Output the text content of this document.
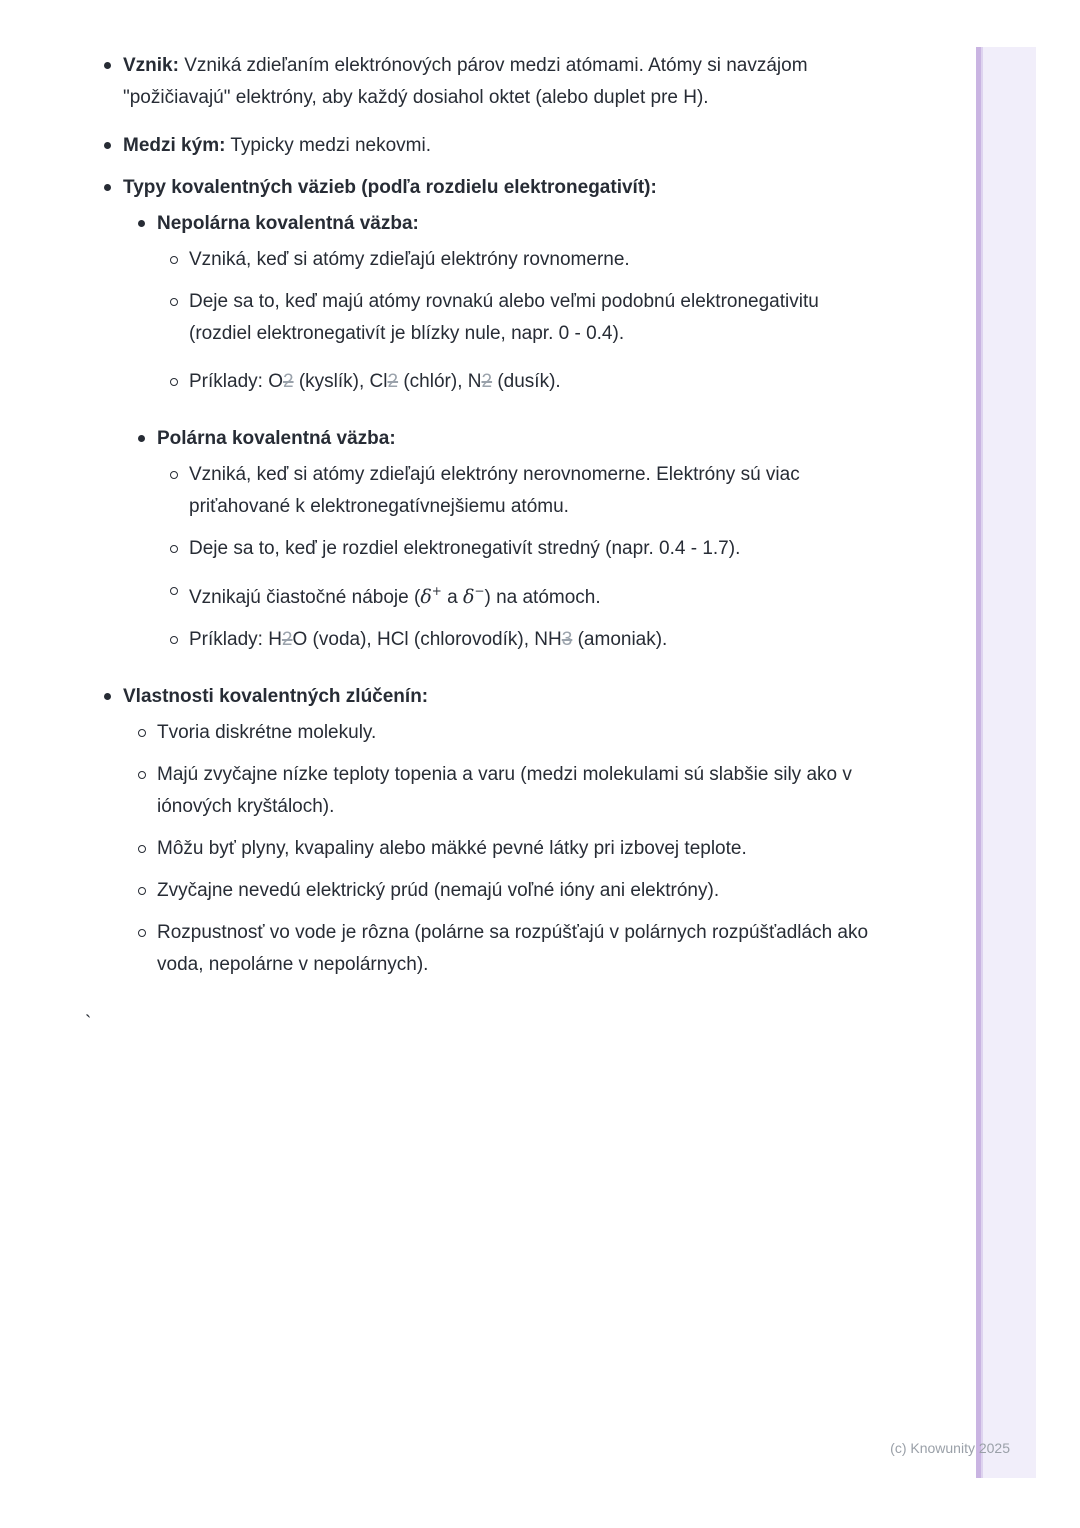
Vznik: Vzniká zdieľaním elektrónových párov medzi atómami. Atómy si navzájom "požičiavajú" elektróny, aby každý dosiahol oktet (alebo duplet pre H).
Medzi kým: Typicky medzi nekovmi.
Typy kovalentných väzieb (podľa rozdielu elektronegativít):
Nepolárna kovalentná väzba:
Vzniká, keď si atómy zdieľajú elektróny rovnomerne.
Deje sa to, keď majú atómy rovnakú alebo veľmi podobnú elektronegativitu (rozdiel elektronegativít je blízky nule, napr. 0 - 0.4).
Príklady: O2 (kyslík), Cl2 (chlór), N2 (dusík).
Polárna kovalentná väzba:
Vzniká, keď si atómy zdieľajú elektróny nerovnomerne. Elektróny sú viac priťahované k elektronegatívnejšiemu atómu.
Deje sa to, keď je rozdiel elektronegativít stredný (napr. 0.4 - 1.7).
Vznikajú čiastočné náboje (δ+ a δ−) na atómoch.
Príklady: H2O (voda), HCl (chlorovodík), NH3 (amoniak).
Vlastnosti kovalentných zlúčenín:
Tvoria diskrétne molekuly.
Majú zvyčajne nízke teploty topenia a varu (medzi molekulami sú slabšie sily ako v iónových kryštáloch).
Môžu byť plyny, kvapaliny alebo mäkké pevné látky pri izbovej teplote.
Zvyčajne nevedú elektrický prúd (nemajú voľné ióny ani elektróny).
Rozpustnosť vo vode je rôzna (polárne sa rozpúšťajú v polárnych rozpúšťadlách ako voda, nepolárne v nepolárnych).
`
(c) Knowunity 2025
